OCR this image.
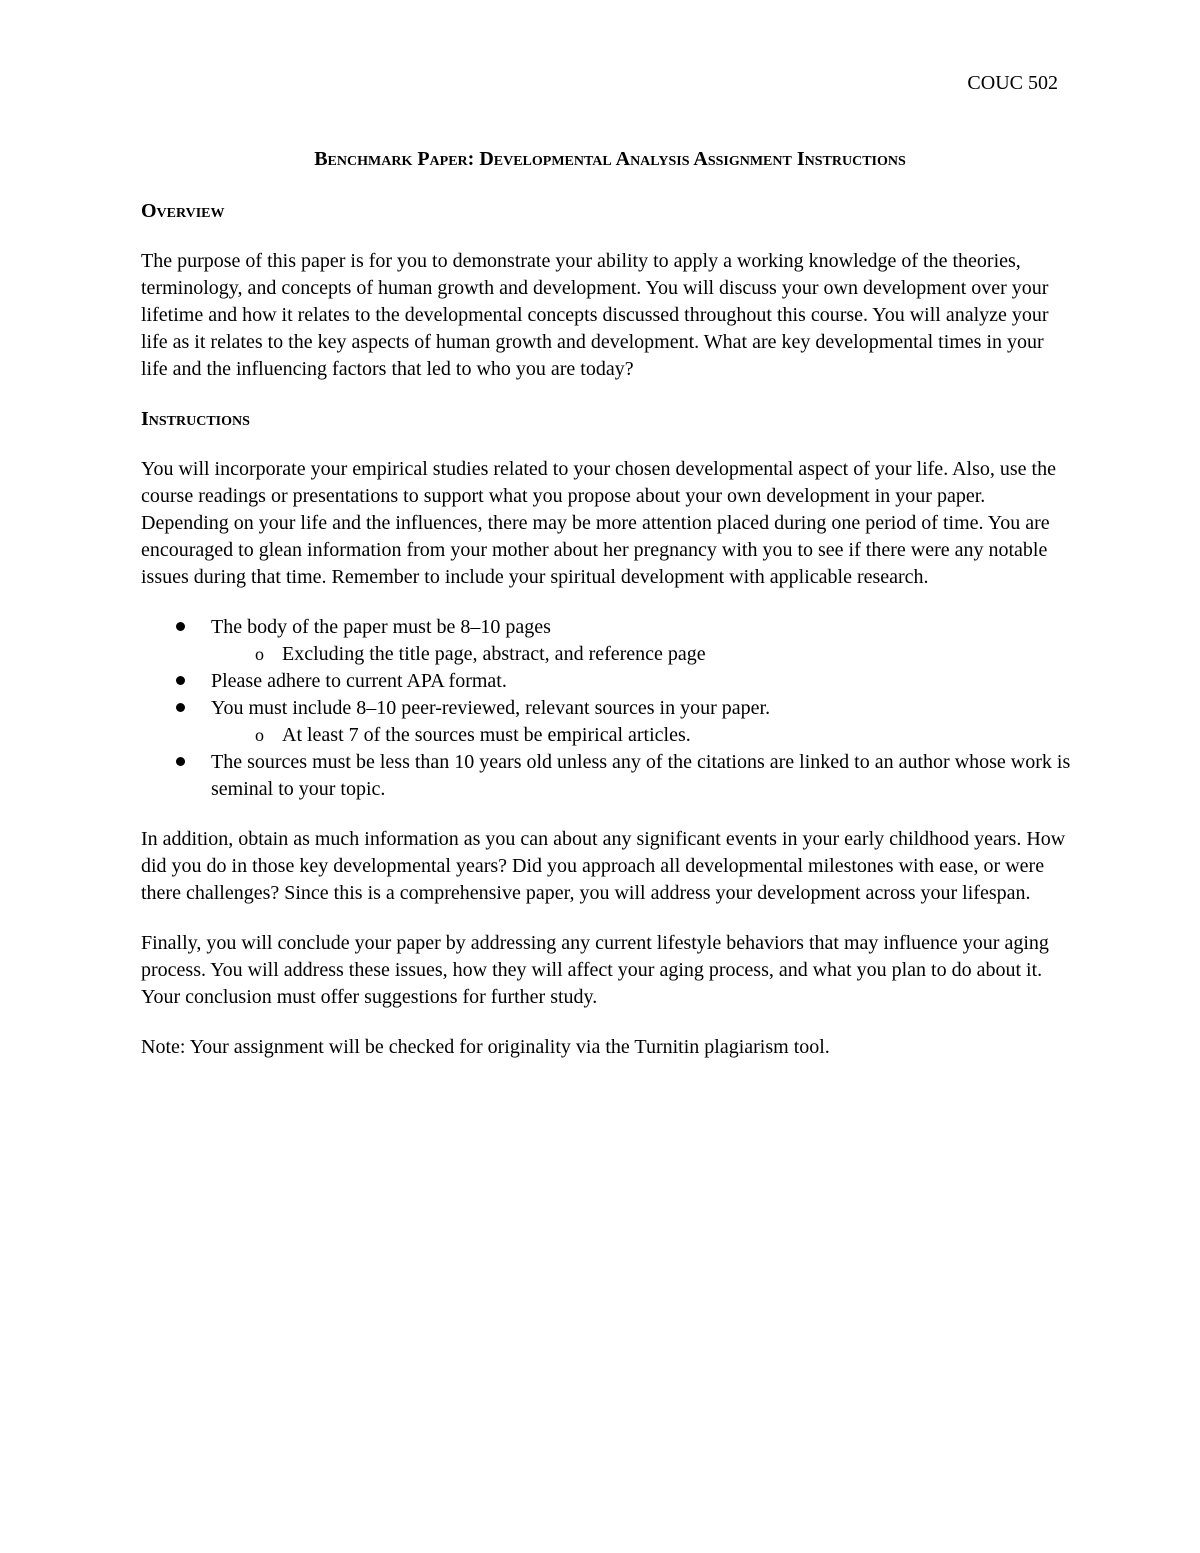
COUC 502
Benchmark Paper: Developmental Analysis Assignment Instructions
Overview

The purpose of this paper is for you to demonstrate your ability to apply a working knowledge of the theories, terminology, and concepts of human growth and development. You will discuss your own development over your lifetime and how it relates to the developmental concepts discussed throughout this course. You will analyze your life as it relates to the key aspects of human growth and development. What are key developmental times in your life and the influencing factors that led to who you are today?

Instructions

You will incorporate your empirical studies related to your chosen developmental aspect of your life. Also, use the course readings or presentations to support what you propose about your own development in your paper. Depending on your life and the influences, there may be more attention placed during one period of time. You are encouraged to glean information from your mother about her pregnancy with you to see if there were any notable issues during that time. Remember to include your spiritual development with applicable research.

The body of the paper must be 8–10 pages
o Excluding the title page, abstract, and reference page
Please adhere to current APA format.
You must include 8–10 peer-reviewed, relevant sources in your paper.
o At least 7 of the sources must be empirical articles.
The sources must be less than 10 years old unless any of the citations are linked to an author whose work is seminal to your topic.

In addition, obtain as much information as you can about any significant events in your early childhood years. How did you do in those key developmental years? Did you approach all developmental milestones with ease, or were there challenges? Since this is a comprehensive paper, you will address your development across your lifespan.

Finally, you will conclude your paper by addressing any current lifestyle behaviors that may influence your aging process. You will address these issues, how they will affect your aging process, and what you plan to do about it. Your conclusion must offer suggestions for further study.

Note: Your assignment will be checked for originality via the Turnitin plagiarism tool.
